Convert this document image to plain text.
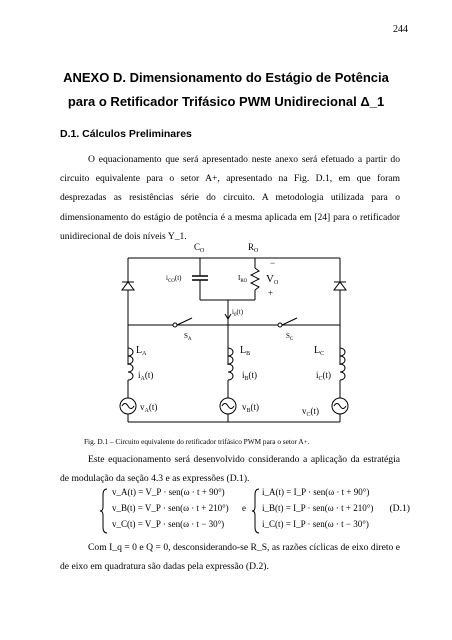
244
ANEXO D. Dimensionamento do Estágio de Potência
para o Retificador Trifásico PWM Unidirecional Δ_1
D.1. Cálculos Preliminares
O equacionamento que será apresentado neste anexo será efetuado a partir do circuito equivalente para o setor A+, apresentado na Fig. D.1, em que foram desprezadas as resistências série do circuito. A metodologia utilizada para o dimensionamento do estágio de potência é a mesma aplicada em [24] para o retificador unidirecional de dois níveis Y_1.
$C_O$	$R_O$
$i_{CO}(t)$	$I_{RO}$
−
VO
+
$i_0(t)$
$S_A$	$S_C$
$L_A$	$L_B$	$L_C$
$i_A(t)$	$i_B(t)$	$i_C(t)$
$v_A(t)$	$v_B(t)$	$v_C(t)$
Fig. D.1 – Circuito equivalente do retificador trifásico PWM para o setor A+.
Este equacionamento será desenvolvido considerando a aplicação da estratégia de modulação da seção 4.3 e as expressões (D.1).
v_A(t) = V_P · sen(ω · t + 90°)
v_B(t) = V_P · sen(ω · t + 210°)
v_C(t) = V_P · sen(ω · t − 30°)
e
i_A(t) = I_P · sen(ω · t + 90°)
i_B(t) = I_P · sen(ω · t + 210°)
i_C(t) = I_P · sen(ω · t − 30°)
(D.1)
Com I_q = 0 e Q = 0, desconsiderando-se R_S, as razões cíclicas de eixo direto e de eixo em quadratura são dadas pela expressão (D.2).
